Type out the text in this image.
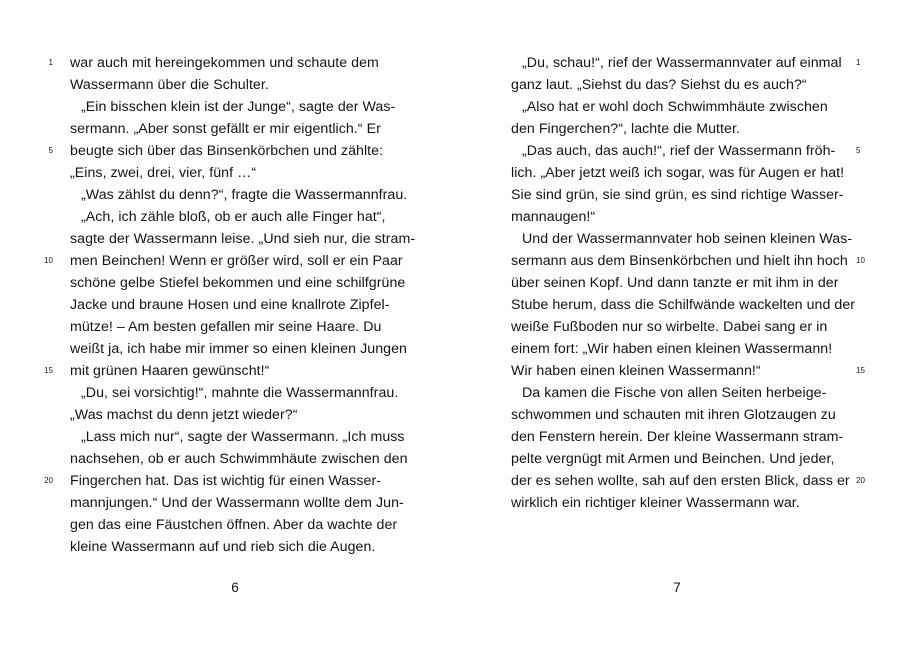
war auch mit hereingekommen und schaute dem
Wassermann über die Schulter.
„Ein bisschen klein ist der Junge“, sagte der Was-
sermann. „Aber sonst gefällt er mir eigentlich.“ Er
beugte sich über das Binsenkörbchen und zählte:
„Eins, zwei, drei, vier, fünf …“
„Was zählst du denn?“, fragte die Wassermannfrau.
„Ach, ich zähle bloß, ob er auch alle Finger hat“,
sagte der Wassermann leise. „Und sieh nur, die stram-
men Beinchen! Wenn er größer wird, soll er ein Paar
schöne gelbe Stiefel bekommen und eine schilfgrüne
Jacke und braune Hosen und eine knallrote Zipfel-
mütze! – Am besten gefallen mir seine Haare. Du
weißt ja, ich habe mir immer so einen kleinen Jungen
mit grünen Haaren gewünscht!“
„Du, sei vorsichtig!“, mahnte die Wassermannfrau.
„Was machst du denn jetzt wieder?“
„Lass mich nur“, sagte der Wassermann. „Ich muss
nachsehen, ob er auch Schwimmhäute zwischen den
Fingerchen hat. Das ist wichtig für einen Wasser-
mannjungen.“ Und der Wassermann wollte dem Jun-
gen das eine Fäustchen öffnen. Aber da wachte der
kleine Wassermann auf und rieb sich die Augen.
1
5
10
15
20
6
„Du, schau!“, rief der Wassermannvater auf einmal
ganz laut. „Siehst du das? Siehst du es auch?“
„Also hat er wohl doch Schwimmhäute zwischen
den Fingerchen?“, lachte die Mutter.
„Das auch, das auch!“, rief der Wassermann fröh-
lich. „Aber jetzt weiß ich sogar, was für Augen er hat!
Sie sind grün, sie sind grün, es sind richtige Wasser-
mannaugen!“
Und der Wassermannvater hob seinen kleinen Was-
sermann aus dem Binsenkörbchen und hielt ihn hoch
über seinen Kopf. Und dann tanzte er mit ihm in der
Stube herum, dass die Schilfwände wackelten und der
weiße Fußboden nur so wirbelte. Dabei sang er in
einem fort: „Wir haben einen kleinen Wassermann!
Wir haben einen kleinen Wassermann!“
Da kamen die Fische von allen Seiten herbeige-
schwommen und schauten mit ihren Glotzaugen zu
den Fenstern herein. Der kleine Wassermann stram-
pelte vergnügt mit Armen und Beinchen. Und jeder,
der es sehen wollte, sah auf den ersten Blick, dass er
wirklich ein richtiger kleiner Wassermann war.
1
5
10
15
20
7
